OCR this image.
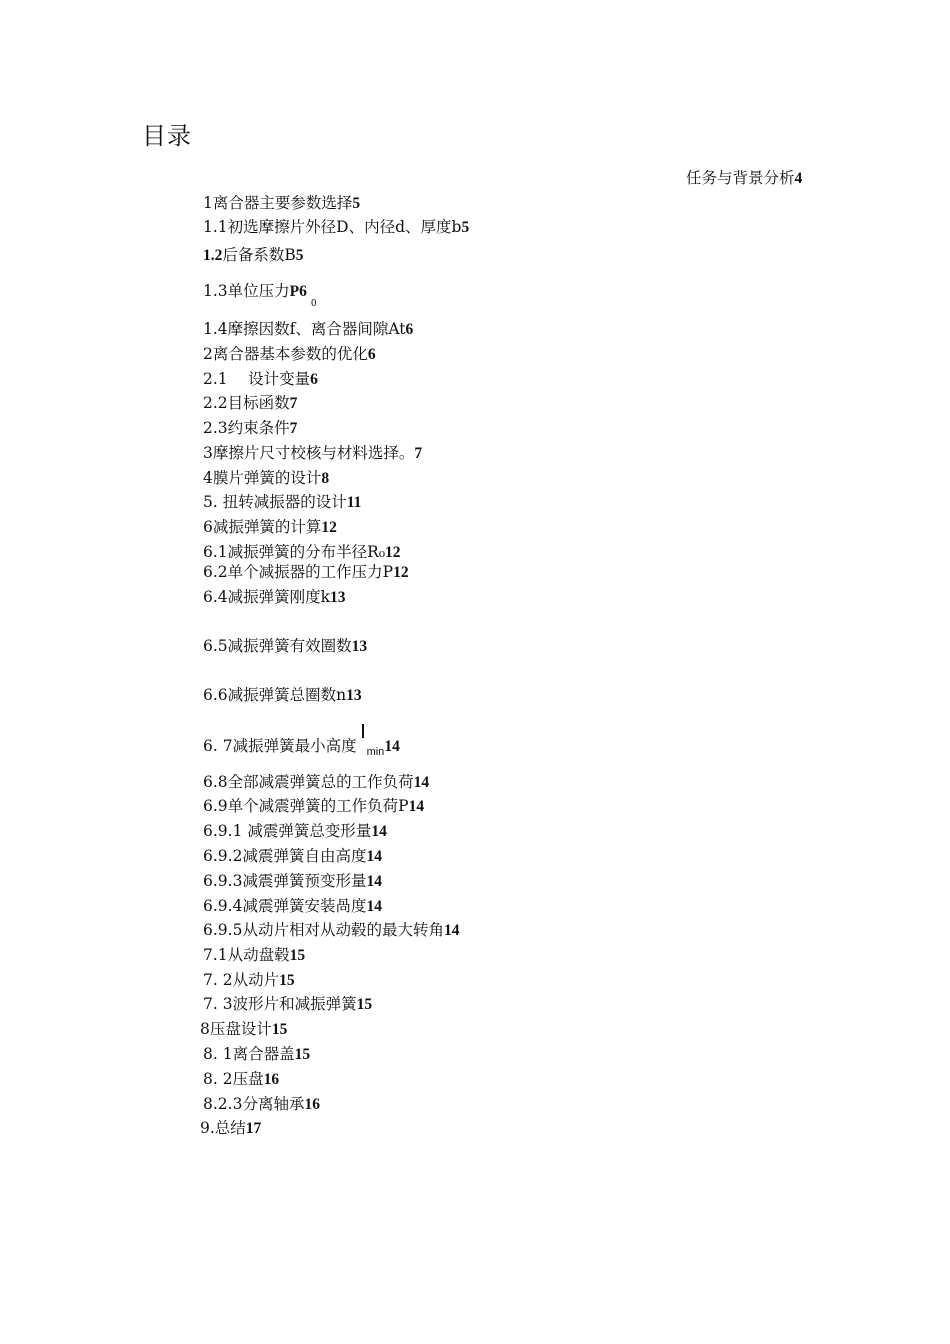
目录
任务与背景分析4
1离合器主要参数选择5
1.1初选摩擦片外径D、内径d、厚度b5
1.2后备系数B5
1.3单位压力$P6_0$
1.4摩擦因数f、离合器间隙At6
2离合器基本参数的优化6
2.1　 设计变量6
2.2目标函数7
2.3约束条件7
3摩擦片尺寸校核与材料选择。7
4膜片弹簧的设计8
5. 扭转减振器的设计11
6减振弹簧的计算12
6.1减振弹簧的分布半径R₀12
6.2单个减振器的工作压力P12
6.4减振弹簧刚度k13
6.5减振弹簧有效圈数13
6.6减振弹簧总圈数n13
6. 7减振弹簧最小高度 $_{min}$14
6.8全部减震弹簧总的工作负荷14
6.9单个减震弹簧的工作负荷P14
6.9.1 减震弹簧总变形量14
6.9.2减震弹簧自由高度14
6.9.3减震弹簧预变形量14
6.9.4减震弹簧安装咼度14
6.9.5从动片相对从动毂的最大转角14
7.1从动盘毂15
7. 2从动片15
7. 3波形片和减振弹簧15
8压盘设计15
8. 1离合器盖15
8. 2压盘16
8.2.3分离轴承16
9.总结17
